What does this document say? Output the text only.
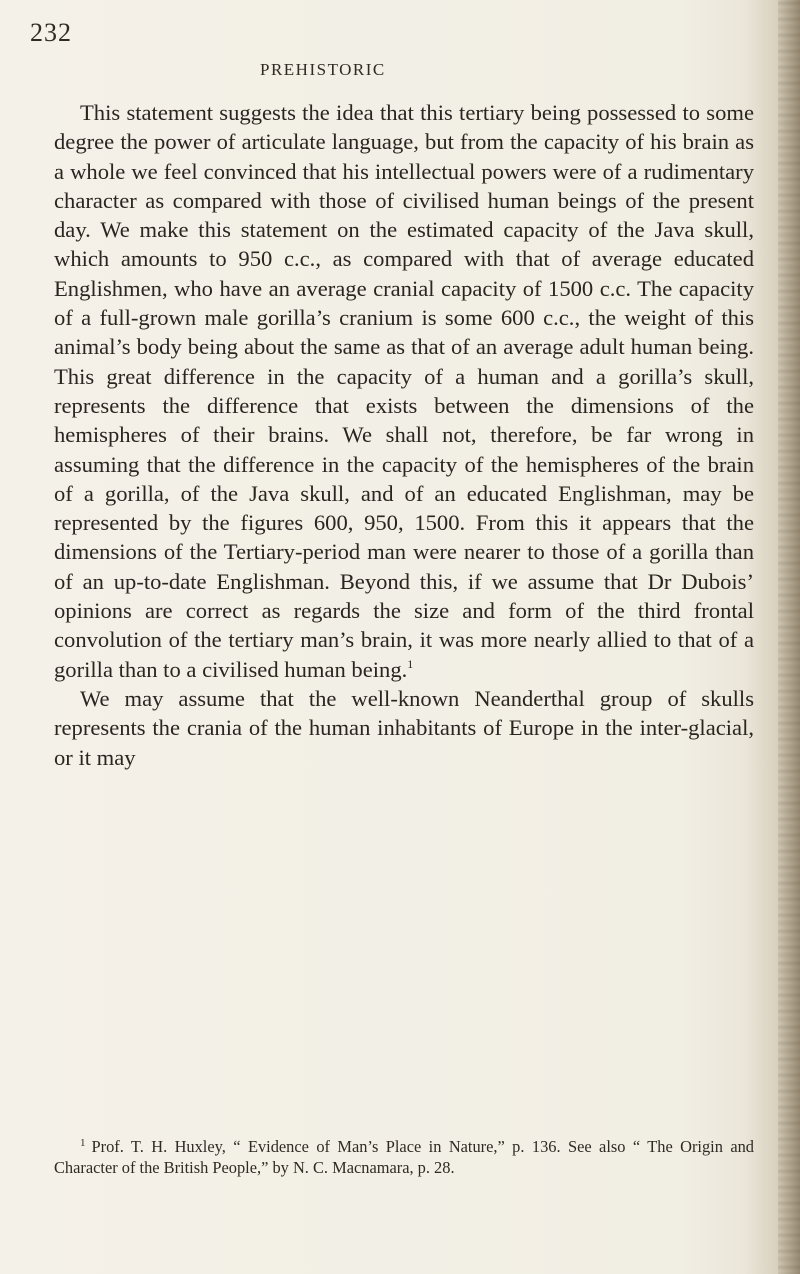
232
PREHISTORIC

This statement suggests the idea that this tertiary being possessed to some degree the power of articulate language, but from the capacity of his brain as a whole we feel convinced that his intellectual powers were of a rudimentary character as compared with those of civilised human beings of the present day. We make this statement on the estimated capacity of the Java skull, which amounts to 950 c.c., as compared with that of average educated Englishmen, who have an average cranial capacity of 1500 c.c. The capacity of a full-grown male gorilla’s cranium is some 600 c.c., the weight of this animal’s body being about the same as that of an average adult human being. This great difference in the capacity of a human and a gorilla’s skull, represents the difference that exists between the dimensions of the hemispheres of their brains. We shall not, therefore, be far wrong in assuming that the difference in the capacity of the hemispheres of the brain of a gorilla, of the Java skull, and of an educated Englishman, may be represented by the figures 600, 950, 1500. From this it appears that the dimensions of the Tertiary-period man were nearer to those of a gorilla than of an up-to-date Englishman. Beyond this, if we assume that Dr Dubois’ opinions are correct as regards the size and form of the third frontal convolution of the tertiary man’s brain, it was more nearly allied to that of a gorilla than to a civilised human being.$^1$

We may assume that the well-known Neanderthal group of skulls represents the crania of the human inhabitants of Europe in the inter-glacial, or it may

$^1$ Prof. T. H. Huxley, “ Evidence of Man’s Place in Nature,” p. 136. See also “ The Origin and Character of the British People,” by N. C. Macnamara, p. 28.
